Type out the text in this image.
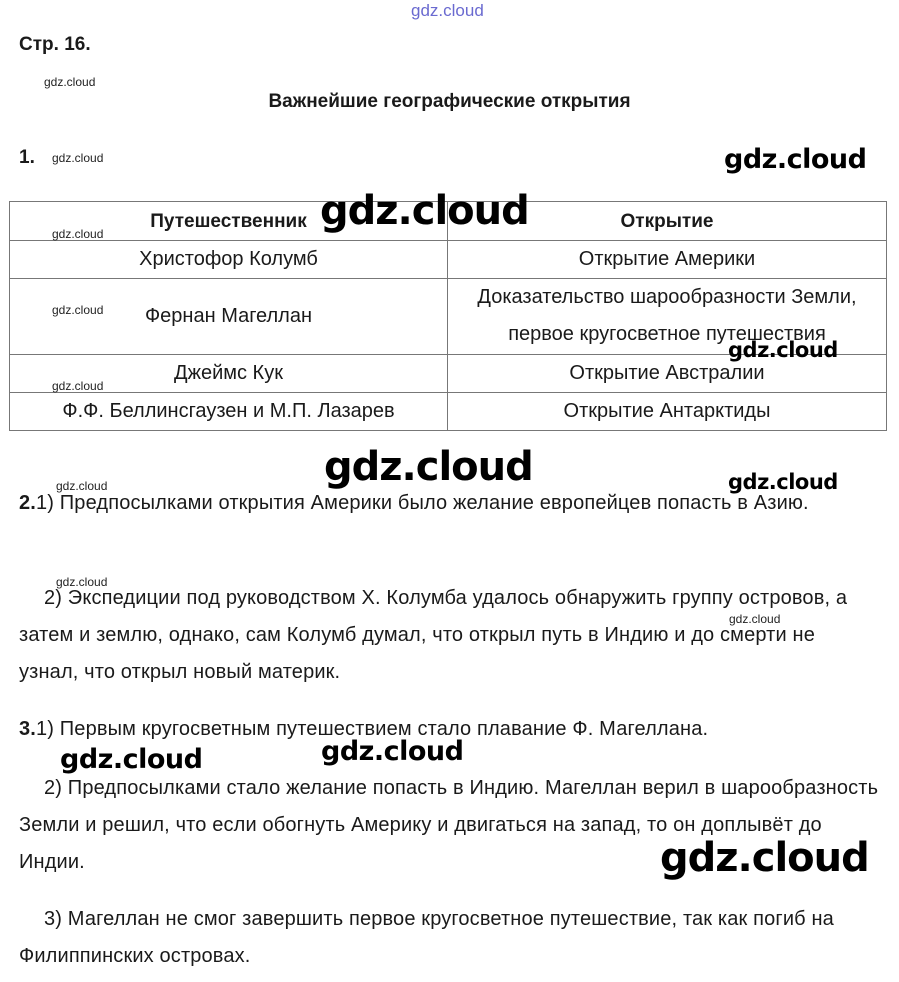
gdz.cloud
Стр. 16.
gdz.cloud
Важнейшие географические открытия
1. gdz.cloud	gdz.cloud
Путешественник	Открытие
Христофор Колумб	Открытие Америки
Фернан Магеллан	Доказательство шарообразности Земли, первое кругосветное путешествия
Джеймс Кук	Открытие Австралии
Ф.Ф. Беллинсгаузен и М.П. Лазарев	Открытие Антарктиды
gdz.cloud
gdz.cloud
gdz.cloud
gdz.cloud
gdz.cloud
gdz.cloud
gdz.cloud	gdz.cloud
2.1) Предпосылками открытия Америки было желание европейцев попасть в Азию.
gdz.cloud
2) Экспедиции под руководством Х. Колумба удалось обнаружить группу островов, а затем и землю, однако, сам Колумб думал, что открыл путь в Индию и до смерти не узнал, что открыл новый материк.
gdz.cloud
3.1) Первым кругосветным путешествием стало плавание Ф. Магеллана.
gdz.cloud	gdz.cloud
2) Предпосылками стало желание попасть в Индию. Магеллан верил в шарообразность Земли и решил, что если обогнуть Америку и двигаться на запад, то он доплывёт до Индии.	gdz.cloud
3) Магеллан не смог завершить первое кругосветное путешествие, так как погиб на Филиппинских островах.
